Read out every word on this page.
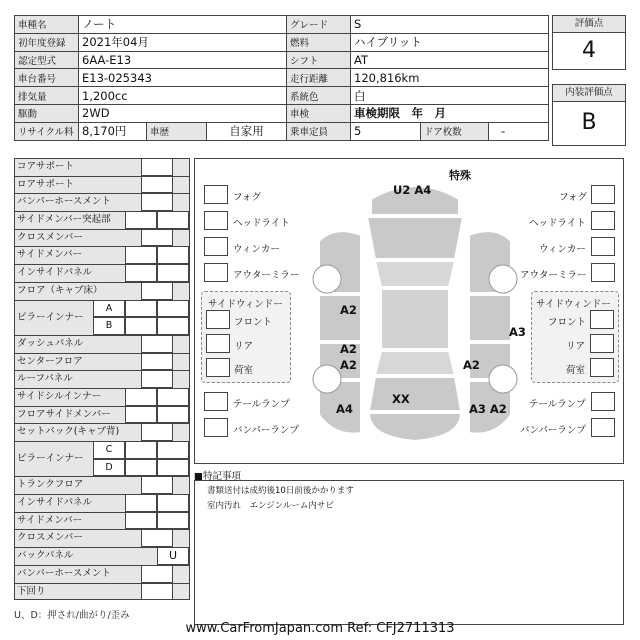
車種名	ノート			グレード	S		
初年度登録	2021年04月			燃料	ハイブリット		
認定型式	6AA-E13			シフト	AT		
車台番号	E13-025343			走行距離	120,816km		
排気量	1,200cc			系統色	白		
駆動	2WD			車検	車検期限　年　月		
リサイクル料	8,170円	車歴	自家用	乗車定員	5	ドア枚数	-
評価点
4
内装評価点
B
コアサポート
ロアサポート
バンパーホースメント
サイドメンバー突起部
クロスメンバー
サイドメンバー
インサイドパネル
フロア（キャブ床）
ピラーインナー
A
B
ダッシュパネル
センターフロア
ルーフパネル
サイドシルインナー
フロアサイドメンバー
セットバック(キャブ背)
ピラーインナー
C
D
トランクフロア
インサイドパネル
サイドメンバー
クロスメンバー
バックパネル	U
バンパーホースメント
下回り
U、D：押され/曲がり/歪み
特殊
フォグ
ヘッドライト
ウィンカー
アウターミラー
サイドウィンドー
フロント
リア
荷室
テールランプ
バンパーランプ
フォグ
ヘッドライト
ウィンカー
アウターミラー
サイドウィンドー
フロント
リア
荷室
テールランプ
バンパーランプ
U2 A4
A2
A2
A2
A3
A2
A4
XX
A3 A2
■特記事項
書類送付は成約後10日前後かかります
室内汚れ　エンジンルーム内サビ
www.CarFromJapan.com Ref: CFJ2711313
